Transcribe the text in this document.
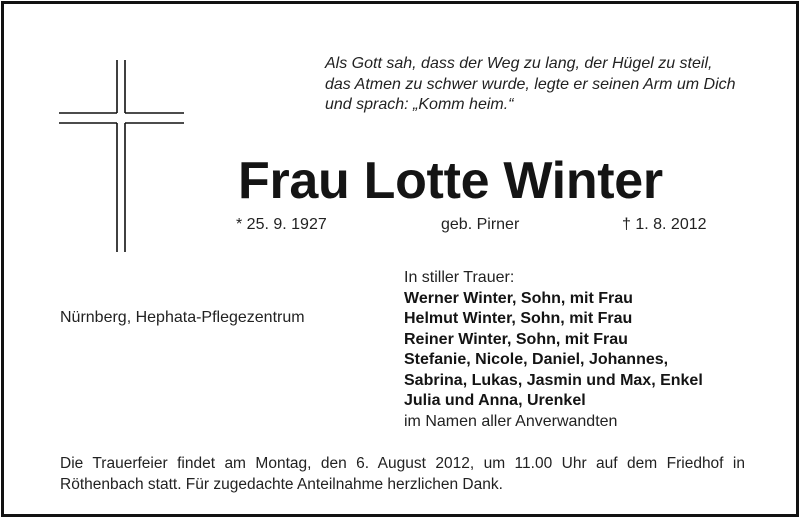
Als Gott sah, dass der Weg zu lang, der Hügel zu steil,
das Atmen zu schwer wurde, legte er seinen Arm um Dich
und sprach: „Komm heim.“
Frau Lotte Winter
* 25. 9. 1927	geb. Pirner	† 1. 8. 2012
Nürnberg, Hephata-Pflegezentrum
In stiller Trauer:
Werner Winter, Sohn, mit Frau
Helmut Winter, Sohn, mit Frau
Reiner Winter, Sohn, mit Frau
Stefanie, Nicole, Daniel, Johannes,
Sabrina, Lukas, Jasmin und Max, Enkel
Julia und Anna, Urenkel
im Namen aller Anverwandten
Die Trauerfeier findet am Montag, den 6. August 2012, um 11.00 Uhr auf dem Friedhof in
Röthenbach statt. Für zugedachte Anteilnahme herzlichen Dank.
